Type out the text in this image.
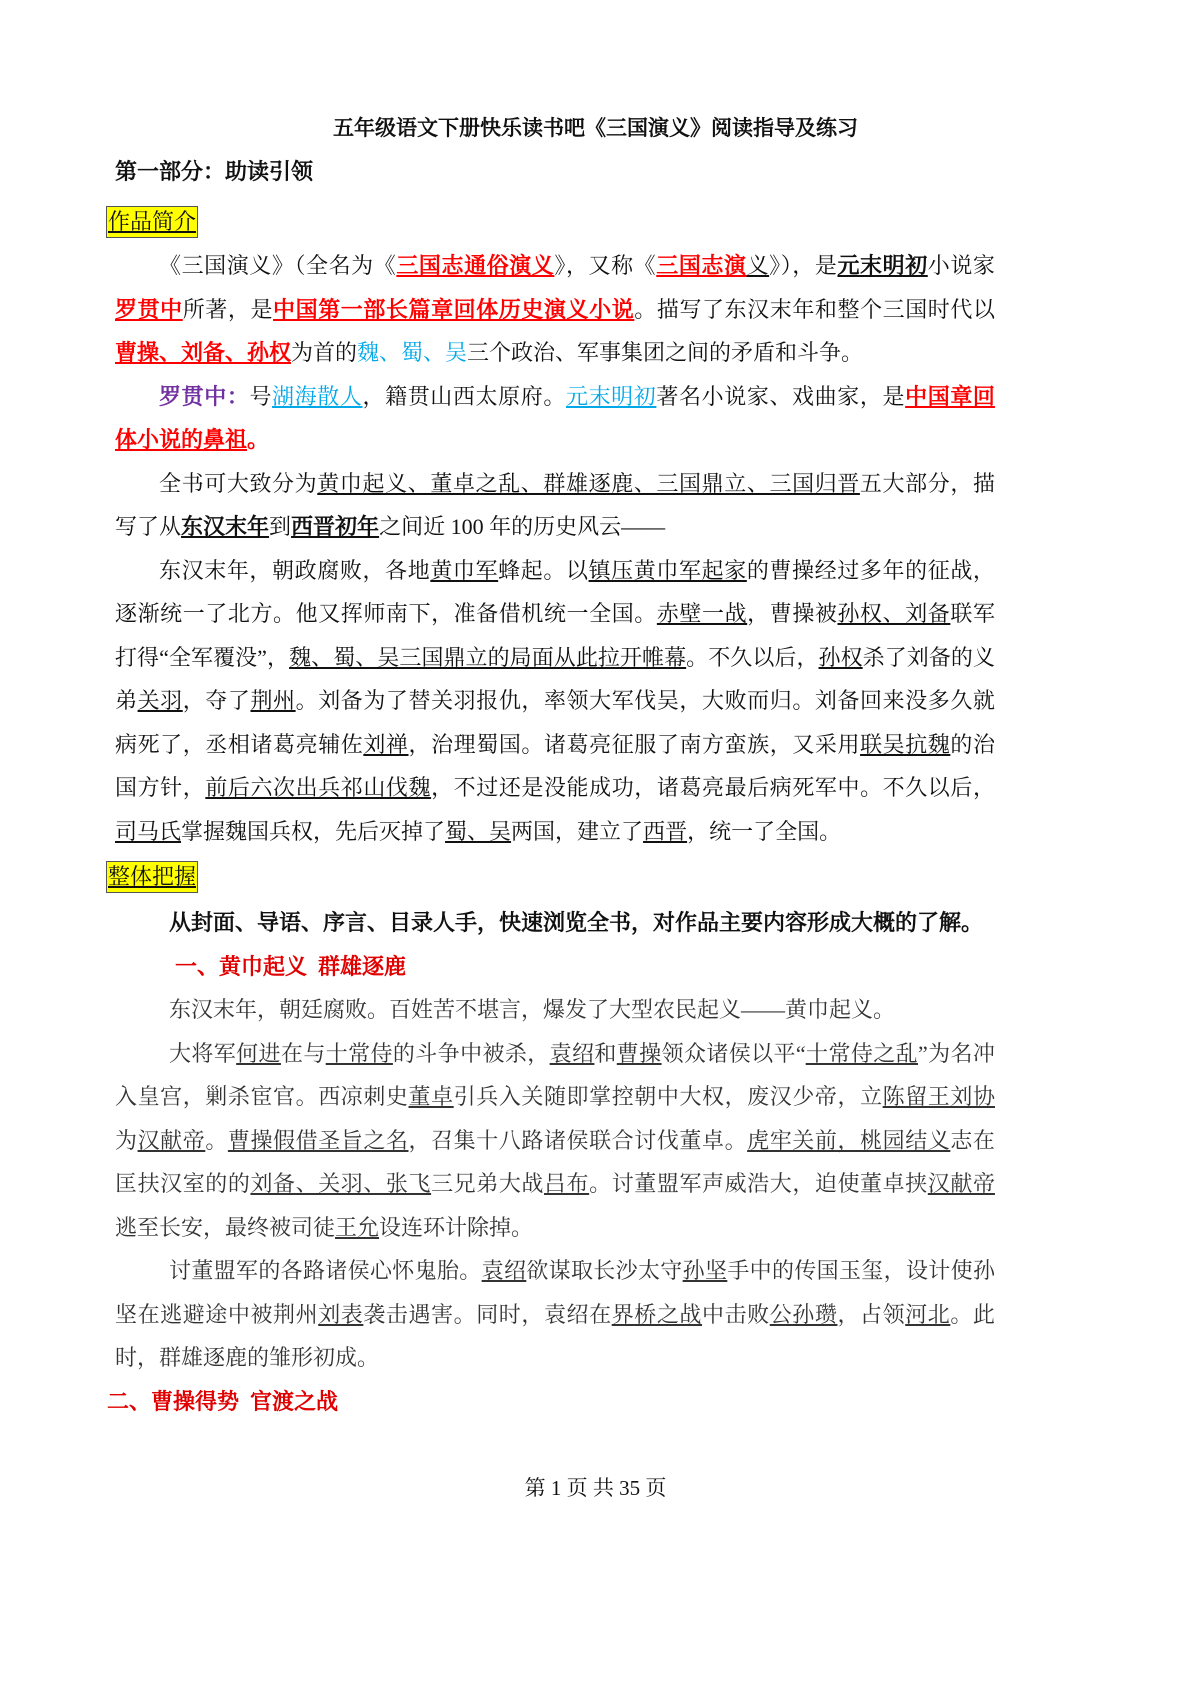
五年级语文下册快乐读书吧《三国演义》阅读指导及练习
第一部分：助读引领
作品简介

《三国演义》（全名为《三国志通俗演义》，又称《三国志演义》），是元末明初小说家罗贯中所著，是中国第一部长篇章回体历史演义小说。描写了东汉末年和整个三国时代以曹操、刘备、孙权为首的魏、蜀、吴三个政治、军事集团之间的矛盾和斗争。

罗贯中：号湖海散人，籍贯山西太原府。元末明初著名小说家、戏曲家，是中国章回体小说的鼻祖。

全书可大致分为黄巾起义、董卓之乱、群雄逐鹿、三国鼎立、三国归晋五大部分，描写了从东汉末年到西晋初年之间近 100 年的历史风云——

东汉末年，朝政腐败，各地黄巾军蜂起。以镇压黄巾军起家的曹操经过多年的征战，逐渐统一了北方。他又挥师南下，准备借机统一全国。赤壁一战，曹操被孙权、刘备联军打得“全军覆没”，魏、蜀、吴三国鼎立的局面从此拉开帷幕。不久以后，孙权杀了刘备的义弟关羽，夺了荆州。刘备为了替关羽报仇，率领大军伐吴，大败而归。刘备回来没多久就病死了，丞相诸葛亮辅佐刘禅，治理蜀国。诸葛亮征服了南方蛮族，又采用联吴抗魏的治国方针，前后六次出兵祁山伐魏，不过还是没能成功，诸葛亮最后病死军中。不久以后，司马氏掌握魏国兵权，先后灭掉了蜀、吴两国，建立了西晋，统一了全国。

整体把握

从封面、导语、序言、目录人手，快速浏览全书，对作品主要内容形成大概的了解。

一、黄巾起义  群雄逐鹿

东汉末年，朝廷腐败。百姓苦不堪言，爆发了大型农民起义——黄巾起义。

大将军何进在与十常侍的斗争中被杀，袁绍和曹操领众诸侯以平“十常侍之乱”为名冲入皇宫，剿杀宦官。西凉刺史董卓引兵入关随即掌控朝中大权，废汉少帝，立陈留王刘协为汉献帝。曹操假借圣旨之名，召集十八路诸侯联合讨伐董卓。虎牢关前，桃园结义志在匡扶汉室的的刘备、关羽、张飞三兄弟大战吕布。讨董盟军声威浩大，迫使董卓挟汉献帝逃至长安，最终被司徒王允设连环计除掉。

讨董盟军的各路诸侯心怀鬼胎。袁绍欲谋取长沙太守孙坚手中的传国玉玺，设计使孙坚在逃避途中被荆州刘表袭击遇害。同时，袁绍在界桥之战中击败公孙瓒，占领河北。此时，群雄逐鹿的雏形初成。

二、曹操得势  官渡之战

第 1 页 共 35 页
